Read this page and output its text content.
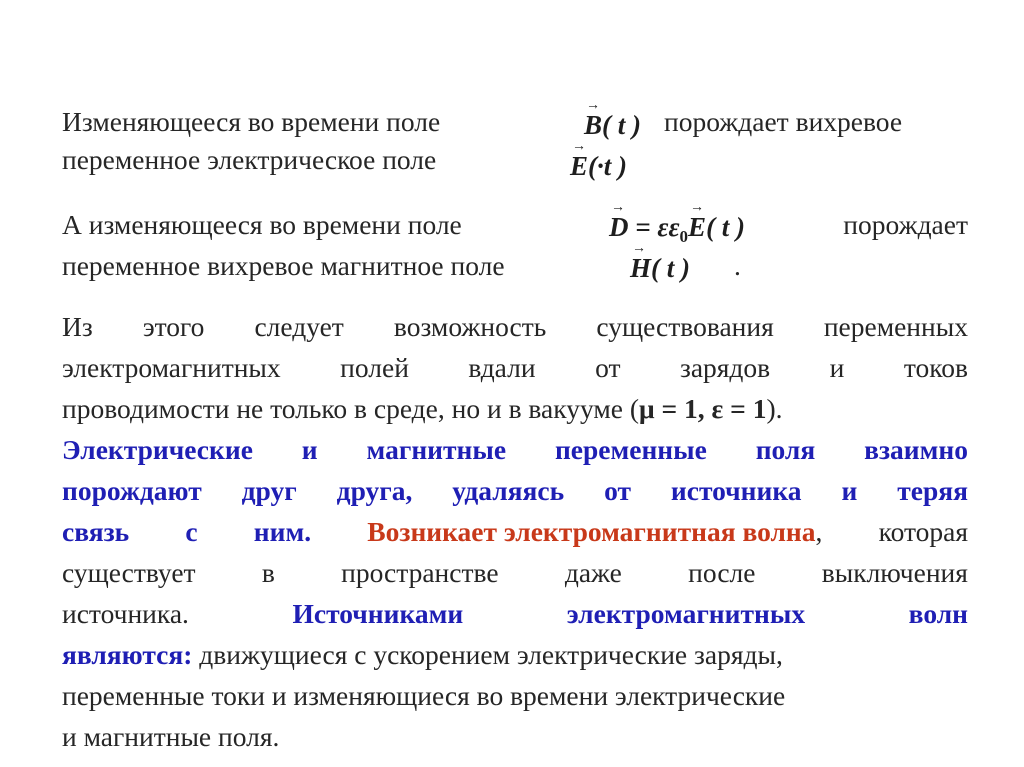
Изменяющееся во времени поле	порождает вихревое
→
B( t )
переменное электрическое поле	→
E(·t )
А изменяющееся во времени поле
→
$D = \varepsilon\varepsilon_0$
→
E( t )	порождает
переменное вихревое магнитное поле
→
H( t ) .
Из этого следует возможность существования переменных
электромагнитных полей вдали от зарядов и токов
проводимости не только в среде, но и в вакууме (μ = 1, ε = 1).
Электрические и магнитные переменные поля взаимно
порождают друг друга, удаляясь от источника и теряя
связь с ним. Возникает электромагнитная волна, которая
существует в пространстве даже после выключения
источника.	Источниками	электромагнитных	волн
являются: движущиеся с ускорением электрические заряды,
переменные токи и изменяющиеся во времени электрические
и магнитные поля.
